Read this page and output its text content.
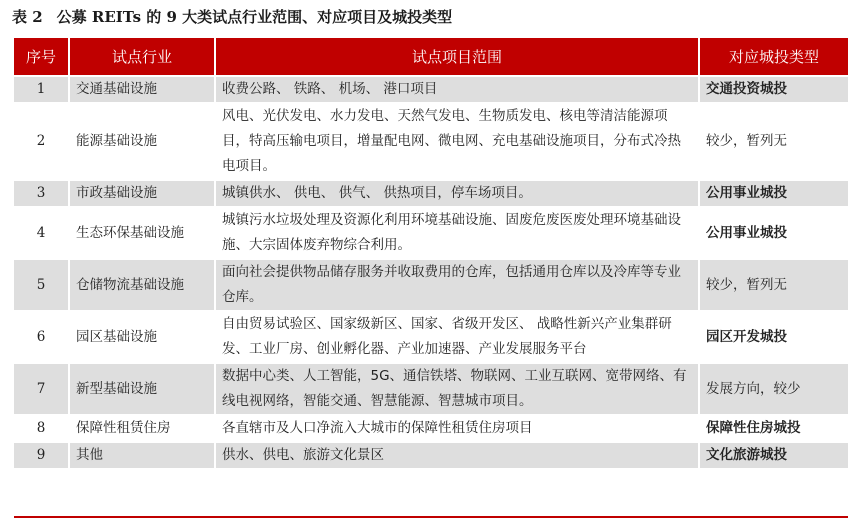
表 2 公募 REITs 的 9 大类试点行业范围、对应项目及城投类型
序号	试点行业	试点项目范围	对应城投类型
1	交通基础设施	收费公路、 铁路、 机场、 港口项目	交通投资城投
2	能源基础设施	风电、光伏发电、水力发电、天然气发电、生物质发电、核电等清洁能源项目，特高压输电项目，增量配电网、微电网、充电基础设施项目，分布式冷热电项目。	较少，暂列无
3	市政基础设施	城镇供水、 供电、 供气、 供热项目，停车场项目。	公用事业城投
4	生态环保基础设施	城镇污水垃圾处理及资源化利用环境基础设施、固废危废医废处理环境基础设施、大宗固体废弃物综合利用。	公用事业城投
5	仓储物流基础设施	面向社会提供物品储存服务并收取费用的仓库，包括通用仓库以及冷库等专业仓库。	较少，暂列无
6	园区基础设施	自由贸易试验区、国家级新区、国家、省级开发区、 战略性新兴产业集群研发、工业厂房、创业孵化器、产业加速器、产业发展服务平台	园区开发城投
7	新型基础设施	数据中心类、人工智能，5G、通信铁塔、物联网、工业互联网、宽带网络、有线电视网络，智能交通、智慧能源、智慧城市项目。	发展方向，较少
8	保障性租赁住房	各直辖市及人口净流入大城市的保障性租赁住房项目	保障性住房城投
9	其他	供水、供电、旅游文化景区	文化旅游城投
